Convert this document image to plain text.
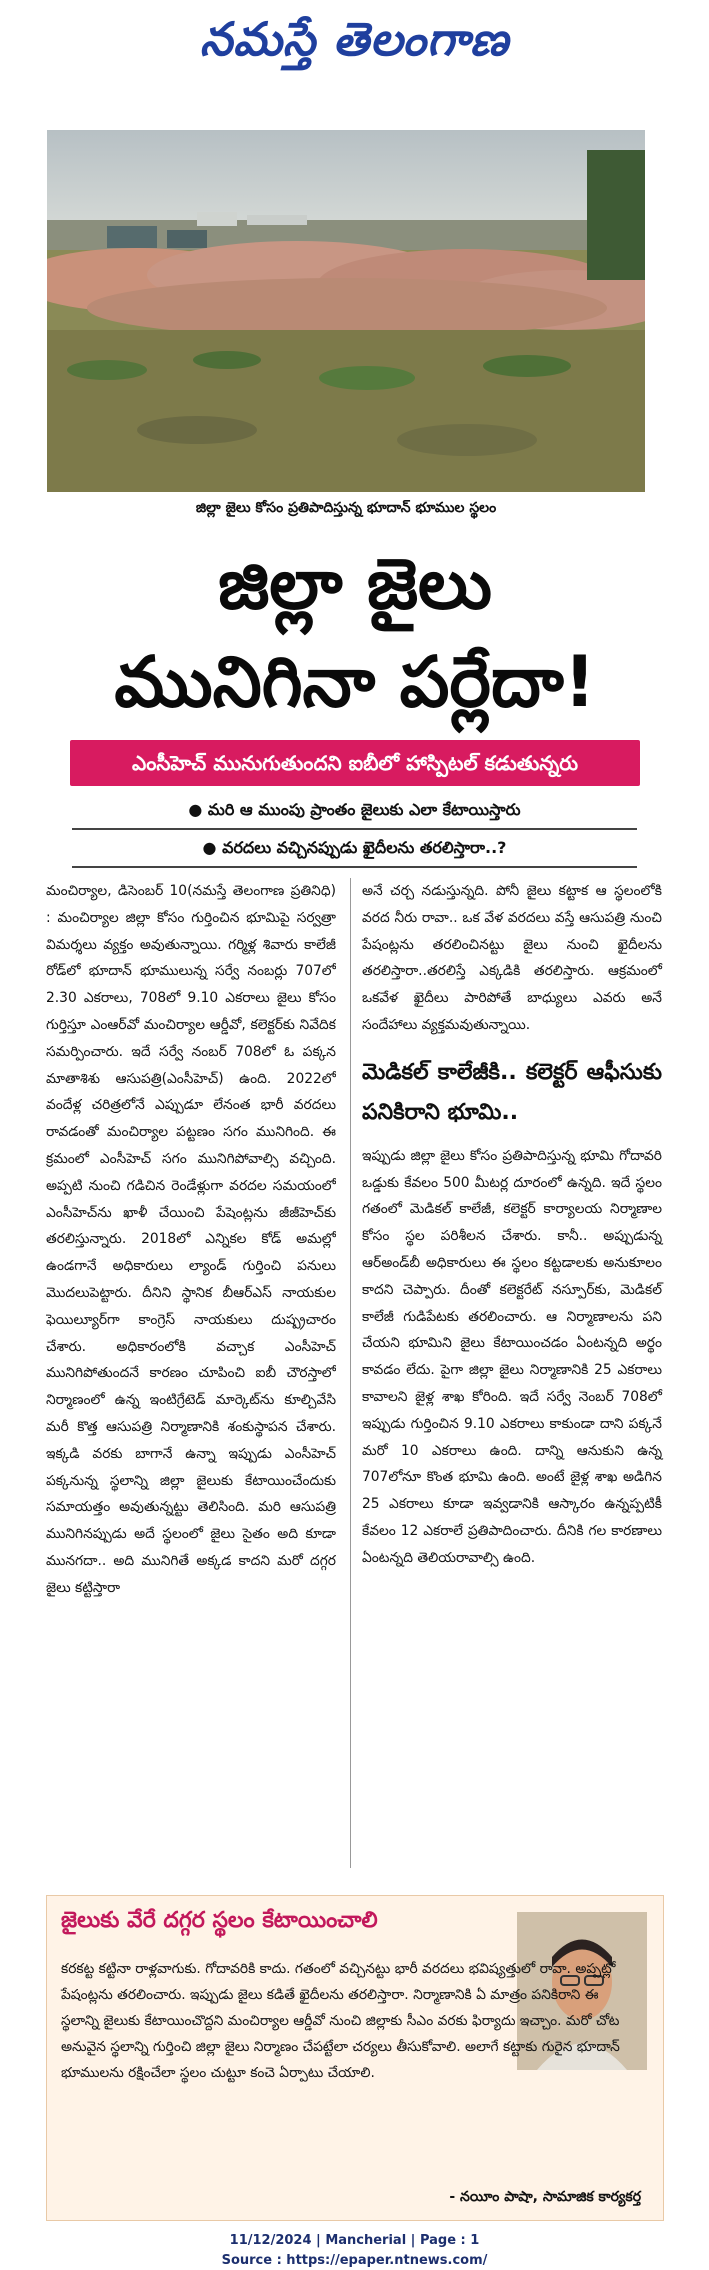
నమస్తే తెలంగాణ
జిల్లా జైలు కోసం ప్రతిపాదిస్తున్న భూదాన్ భూముల స్థలం
జిల్లా జైలు
మునిగినా పర్లేదా!
ఎంసీహెచ్ మునుగుతుందని ఐబీలో హాస్పిటల్ కడుతున్నరు
● మరి ఆ ముంపు ప్రాంతం జైలుకు ఎలా కేటాయిస్తారు
● వరదలు వచ్చినప్పుడు ఖైదీలను తరలిస్తారా..?
మంచిర్యాల, డిసెంబర్ 10(నమస్తే తెలంగాణ ప్రతినిధి) : మంచిర్యాల జిల్లా కోసం గుర్తించిన భూమిపై సర్వత్రా విమర్శలు వ్యక్తం అవుతున్నాయి. గర్మిళ్ల శివారు కాలేజీ రోడ్‌లో భూదాన్ భూములున్న సర్వే నంబర్లు 707లో 2.30 ఎకరాలు, 708లో 9.10 ఎకరాలు జైలు కోసం గుర్తిస్తూ ఎంఆర్‌వో మంచిర్యాల ఆర్డీవో, కలెక్టర్‌కు నివేదిక సమర్పించారు. ఇదే సర్వే నంబర్ 708లో ఓ పక్కన మాతాశిశు ఆసుపత్రి(ఎంసీహెచ్) ఉంది. 2022లో వందేళ్ల చరిత్రలోనే ఎప్పుడూ లేనంత భారీ వరదలు రావడంతో మంచిర్యాల పట్టణం సగం మునిగింది. ఈ క్రమంలో ఎంసీహెచ్ సగం మునిగిపోవాల్సి వచ్చింది. అప్పటి నుంచి గడిచిన రెండేళ్లుగా వరదల సమయంలో ఎంసీహెచ్‌ను ఖాళీ చేయించి పేషెంట్లను జీజీహెచ్‌కు తరలిస్తున్నారు. 2018లో ఎన్నికల కోడ్ అమల్లో ఉండగానే అధికారులు ల్యాండ్ గుర్తించి పనులు మొదలుపెట్టారు. దీనిని స్థానిక బీఆర్ఎస్ నాయకుల ఫెయిల్యూర్‌గా కాంగ్రెస్ నాయకులు దుష్ప్రచారం చేశారు. అధికారంలోకి వచ్చాక ఎంసీహెచ్ మునిగిపోతుందనే కారణం చూపించి ఐబీ చౌరస్తాలో నిర్మాణంలో ఉన్న ఇంటిగ్రేటెడ్ మార్కెట్‌ను కూల్చివేసి మరీ కొత్త ఆసుపత్రి నిర్మాణానికి శంకుస్థాపన చేశారు. ఇక్కడి వరకు బాగానే ఉన్నా ఇప్పుడు ఎంసీహెచ్ పక్కనున్న స్థలాన్ని జిల్లా జైలుకు కేటాయించేందుకు సమాయత్తం అవుతున్నట్టు తెలిసింది. మరి ఆసుపత్రి మునిగినప్పుడు అదే స్థలంలో జైలు సైతం అది కూడా మునగదా.. అది మునిగితే అక్కడ కాదని మరో దగ్గర జైలు కట్టిస్తారా

అనే చర్చ నడుస్తున్నది. పోనీ జైలు కట్టాక ఆ స్థలంలోకి వరద నీరు రావా.. ఒక వేళ వరదలు వస్తే ఆసుపత్రి నుంచి పేషంట్లను తరలించినట్టు జైలు నుంచి ఖైదీలను తరలిస్తారా..తరలిస్తే ఎక్కడికి తరలిస్తారు. ఆక్రమంలో ఒకవేళ ఖైదీలు పారిపోతే బాధ్యులు ఎవరు అనే సందేహాలు వ్యక్తమవుతున్నాయి.

మెడికల్ కాలేజీకి.. కలెక్టర్ ఆఫీసుకు పనికిరాని భూమి..

ఇప్పుడు జిల్లా జైలు కోసం ప్రతిపాదిస్తున్న భూమి గోదావరి ఒడ్డుకు కేవలం 500 మీటర్ల దూరంలో ఉన్నది. ఇదే స్థలం గతంలో మెడికల్ కాలేజీ, కలెక్టర్ కార్యాలయ నిర్మాణాల కోసం స్థల పరిశీలన చేశారు. కానీ.. అప్పుడున్న ఆర్‌అండ్‌బీ అధికారులు ఈ స్థలం కట్టడాలకు అనుకూలం కాదని చెప్పారు. దీంతో కలెక్టరేట్ నస్పూర్‌కు, మెడికల్ కాలేజీ గుడిపేటకు తరలించారు. ఆ నిర్మాణాలను పని చేయని భూమిని జైలు కేటాయించడం ఏంటన్నది అర్థం కావడం లేదు. పైగా జిల్లా జైలు నిర్మాణానికి 25 ఎకరాలు కావాలని జైళ్ల శాఖ కోరింది. ఇదే సర్వే నెంబర్ 708లో ఇప్పుడు గుర్తించిన 9.10 ఎకరాలు కాకుండా దాని పక్కనే మరో 10 ఎకరాలు ఉంది. దాన్ని ఆనుకుని ఉన్న 707లోనూ కొంత భూమి ఉంది. అంటే జైళ్ల శాఖ అడిగిన 25 ఎకరాలు కూడా ఇవ్వడానికి ఆస్కారం ఉన్నప్పటికీ కేవలం 12 ఎకరాలే ప్రతిపాదించారు. దీనికి గల కారణాలు ఏంటన్నది తెలియరావాల్సి ఉంది.

జైలుకు వేరే దగ్గర స్థలం కేటాయించాలి
కరకట్ట కట్టినా రాళ్లవాగుకు. గోదావరికి కాదు. గతంలో వచ్చినట్టు భారీ వరదలు భవిష్యత్తులో రావా. అప్పట్లో పేషంట్లను తరలించారు. ఇప్పుడు జైలు కడితే ఖైదీలను తరలిస్తారా. నిర్మాణానికి ఏ మాత్రం పనికిరాని ఈ స్థలాన్ని జైలుకు కేటాయించొద్దని మంచిర్యాల ఆర్డీవో నుంచి జిల్లాకు సీఎం వరకు ఫిర్యాదు ఇచ్చాం. మరో చోట అనువైన స్థలాన్ని గుర్తించి జిల్లా జైలు నిర్మాణం చేపట్టేలా చర్యలు తీసుకోవాలి. అలాగే కట్టాకు గురైన భూదాన్ భూములను రక్షించేలా స్థలం చుట్టూ కంచె ఏర్పాటు చేయాలి.
- నయీం పాషా, సామాజిక కార్యకర్త
11/12/2024 | Mancherial | Page : 1
Source : https://epaper.ntnews.com/
